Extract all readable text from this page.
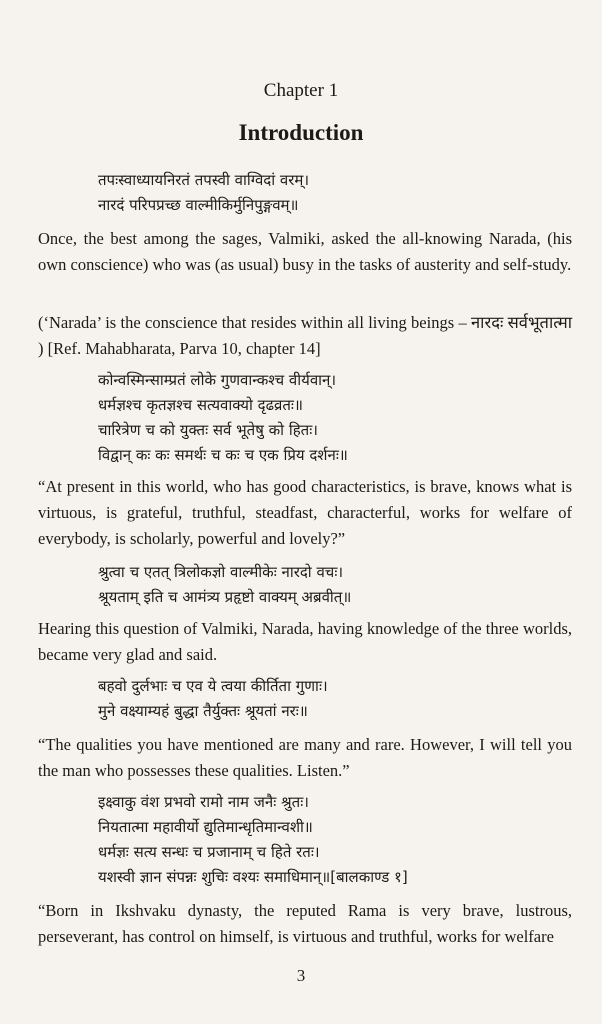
Chapter 1
Introduction
तपःस्वाध्यायनिरतं तपस्वी वाग्विदां वरम्।
नारदं परिपप्रच्छ वाल्मीकिर्मुनिपुङ्गवम्॥
Once, the best among the sages, Valmiki, asked the all-knowing Narada, (his own conscience) who was (as usual) busy in the tasks of austerity and self-study.
(‘Narada’ is the conscience that resides within all living beings – नारदः सर्वभूतात्मा ) [Ref. Mahabharata, Parva 10, chapter 14]
कोन्वस्मिन्साम्प्रतं लोके गुणवान्कश्च वीर्यवान्।
धर्मज्ञश्च कृतज्ञश्च सत्यवाक्यो दृढव्रतः॥
चारित्रेण च को युक्तः सर्व भूतेषु को हितः।
विद्वान् कः कः समर्थः च कः च एक प्रिय दर्शनः॥
“At present in this world, who has good characteristics, is brave, knows what is virtuous, is grateful, truthful, steadfast, characterful, works for welfare of everybody, is scholarly, powerful and lovely?”
श्रुत्वा च एतत् त्रिलोकज्ञो वाल्मीकेः नारदो वचः।
श्रूयताम् इति च आमंत्र्य प्रहृष्टो वाक्यम् अब्रवीत्॥
Hearing this question of Valmiki, Narada, having knowledge of the three worlds, became very glad and said.
बहवो दुर्लभाः च एव ये त्वया कीर्तिता गुणाः।
मुने वक्ष्याम्यहं बुद्धा तैर्युक्तः श्रूयतां नरः॥
“The qualities you have mentioned are many and rare. However, I will tell you the man who possesses these qualities. Listen.”
इक्ष्वाकु वंश प्रभवो रामो नाम जनैः श्रुतः।
नियतात्मा महावीर्यो द्युतिमान्धृतिमान्वशी॥
धर्मज्ञः सत्य सन्धः च प्रजानाम् च हिते रतः।
यशस्वी ज्ञान संपन्नः शुचिः वश्यः समाधिमान्॥[बालकाण्ड १]
“Born in Ikshvaku dynasty, the reputed Rama is very brave, lustrous, perseverant, has control on himself, is virtuous and truthful, works for welfare
3
